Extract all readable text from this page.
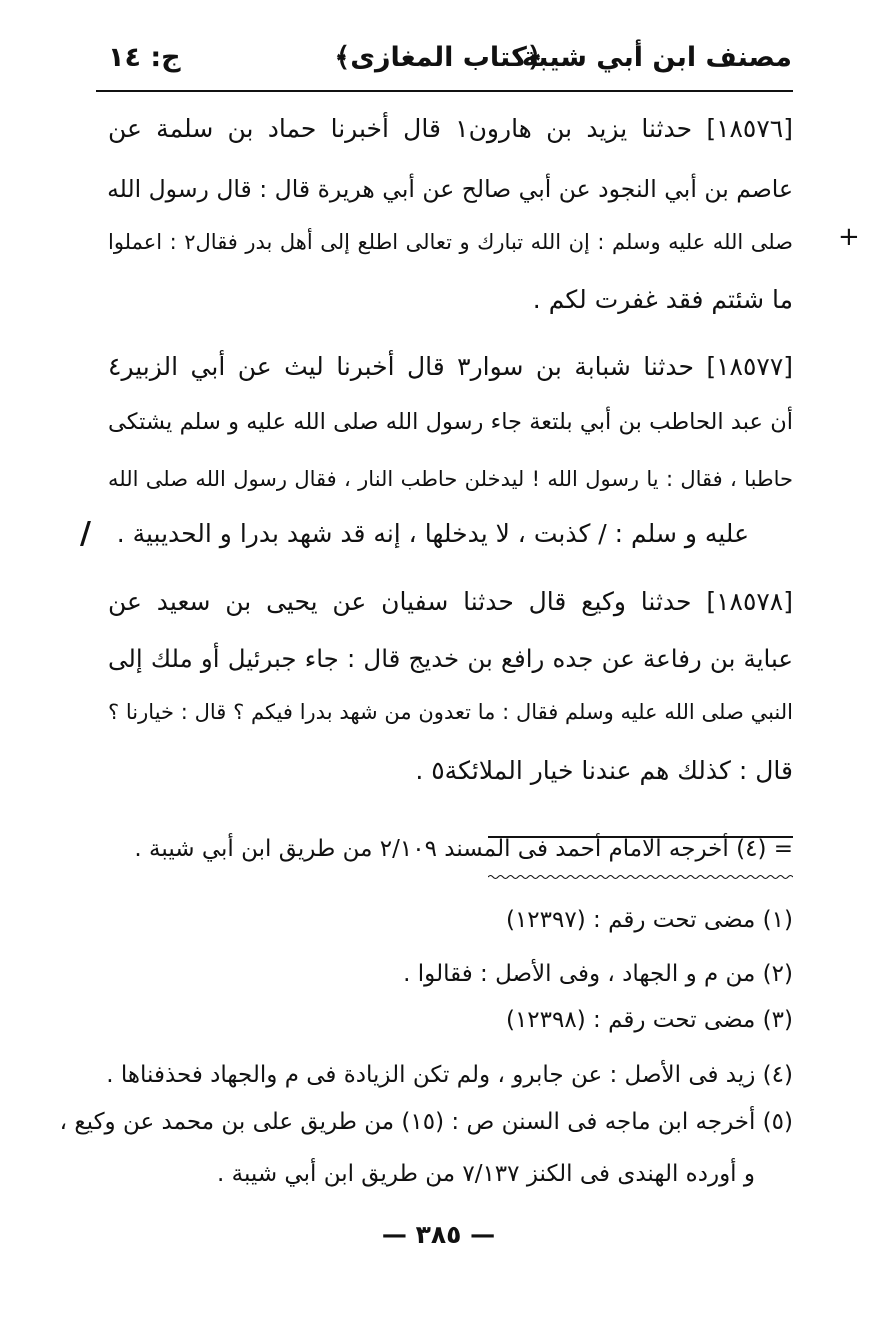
مصنف ابن أبي شيبة
﴿كتاب المغازى﴾
ج: ١٤
[١٨٥٧٦] حدثنا يزيد بن هارون١ قال أخبرنا حماد بن سلمة عن
عاصم بن أبي النجود عن أبي صالح عن أبي هريرة قال : قال رسول الله
صلى الله عليه وسلم : إن الله تبارك و تعالى اطلع إلى أهل بدر فقال٢ : اعملوا
ما شئتم فقد غفرت لكم .
[١٨٥٧٧] حدثنا شبابة بن سوار٣ قال أخبرنا ليث عن أبي الزبير٤
أن عبد الحاطب بن أبي بلتعة جاء رسول الله صلى الله عليه و سلم يشتكى
حاطبا ، فقال : يا رسول الله ! ليدخلن حاطب النار ، فقال رسول الله صلى الله
عليه و سلم : / كذبت ، لا يدخلها ، إنه قد شهد بدرا و الحديبية .
[١٨٥٧٨] حدثنا وكيع قال حدثنا سفيان عن يحيى بن سعيد عن
عباية بن رفاعة عن جده رافع بن خديج قال : جاء جبرئيل أو ملك إلى
النبي صلى الله عليه وسلم فقال : ما تعدون من شهد بدرا فيكم ؟ قال : خيارنا ؟
قال : كذلك هم عندنا خيار الملائكة٥ .
/
+
= (٤) أخرجه الامام أحمد فى المسند ٢/١٠٩ من طريق ابن أبي شيبة .
(١) مضى تحت رقم : (١٢٣٩٧)
(٢) من م و الجهاد ، وفى الأصل : فقالوا .
(٣) مضى تحت رقم : (١٢٣٩٨)
(٤) زيد فى الأصل : عن جابرو ، ولم تكن الزيادة فى م والجهاد فحذفناها .
(٥) أخرجه ابن ماجه فى السنن ص : (١٥) من طريق على بن محمد عن وكيع ،
و أورده الهندى فى الكنز ٧/١٣٧ من طريق ابن أبي شيبة .
— ٣٨٥ —
